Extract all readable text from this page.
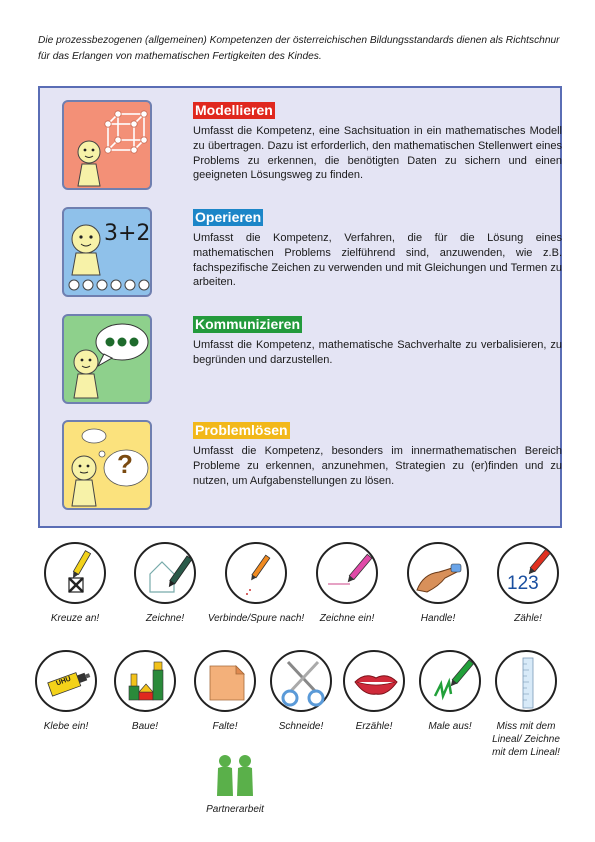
Die prozessbezogenen (allgemeinen) Kompetenzen der österreichischen Bildungsstandards dienen als Richtschnur für das Erlangen von mathematischen Fertigkeiten des Kindes.
Modellieren
Umfasst die Kompetenz, eine Sachsituation in ein mathematisches Modell zu übertragen. Dazu ist erforderlich, den mathematischen Stellenwert eines Problems zu erkennen, die benötigten Daten zu sichern und einen geeigneten Lösungsweg zu finden.
3+2
Operieren
Umfasst die Kompetenz, Verfahren, die für die Lösung eines mathematischen Problems zielführend sind, anzuwenden, wie z.B. fachspezifische Zeichen zu verwenden und mit Gleichungen und Termen zu arbeiten.
Kommunizieren
Umfasst die Kompetenz, mathematische Sachverhalte zu verbalisieren, zu begründen und darzustellen.
?
Problemlösen
Umfasst die Kompetenz, besonders im innermathematischen Bereich Probleme zu erkennen, anzunehmen, Strategien zu (er)finden und zu nutzen, um Aufgabenstellungen zu lösen.
Kreuze an!	Zeichne!	Verbinde/Spure nach!	Zeichne ein!	Handle!
123
Zähle!
UHU
Klebe ein!	Baue!	Falte!	Schneide!	Erzähle!	Male aus!	Miss mit dem Lineal/ Zeichne mit dem Lineal!
Partnerarbeit
